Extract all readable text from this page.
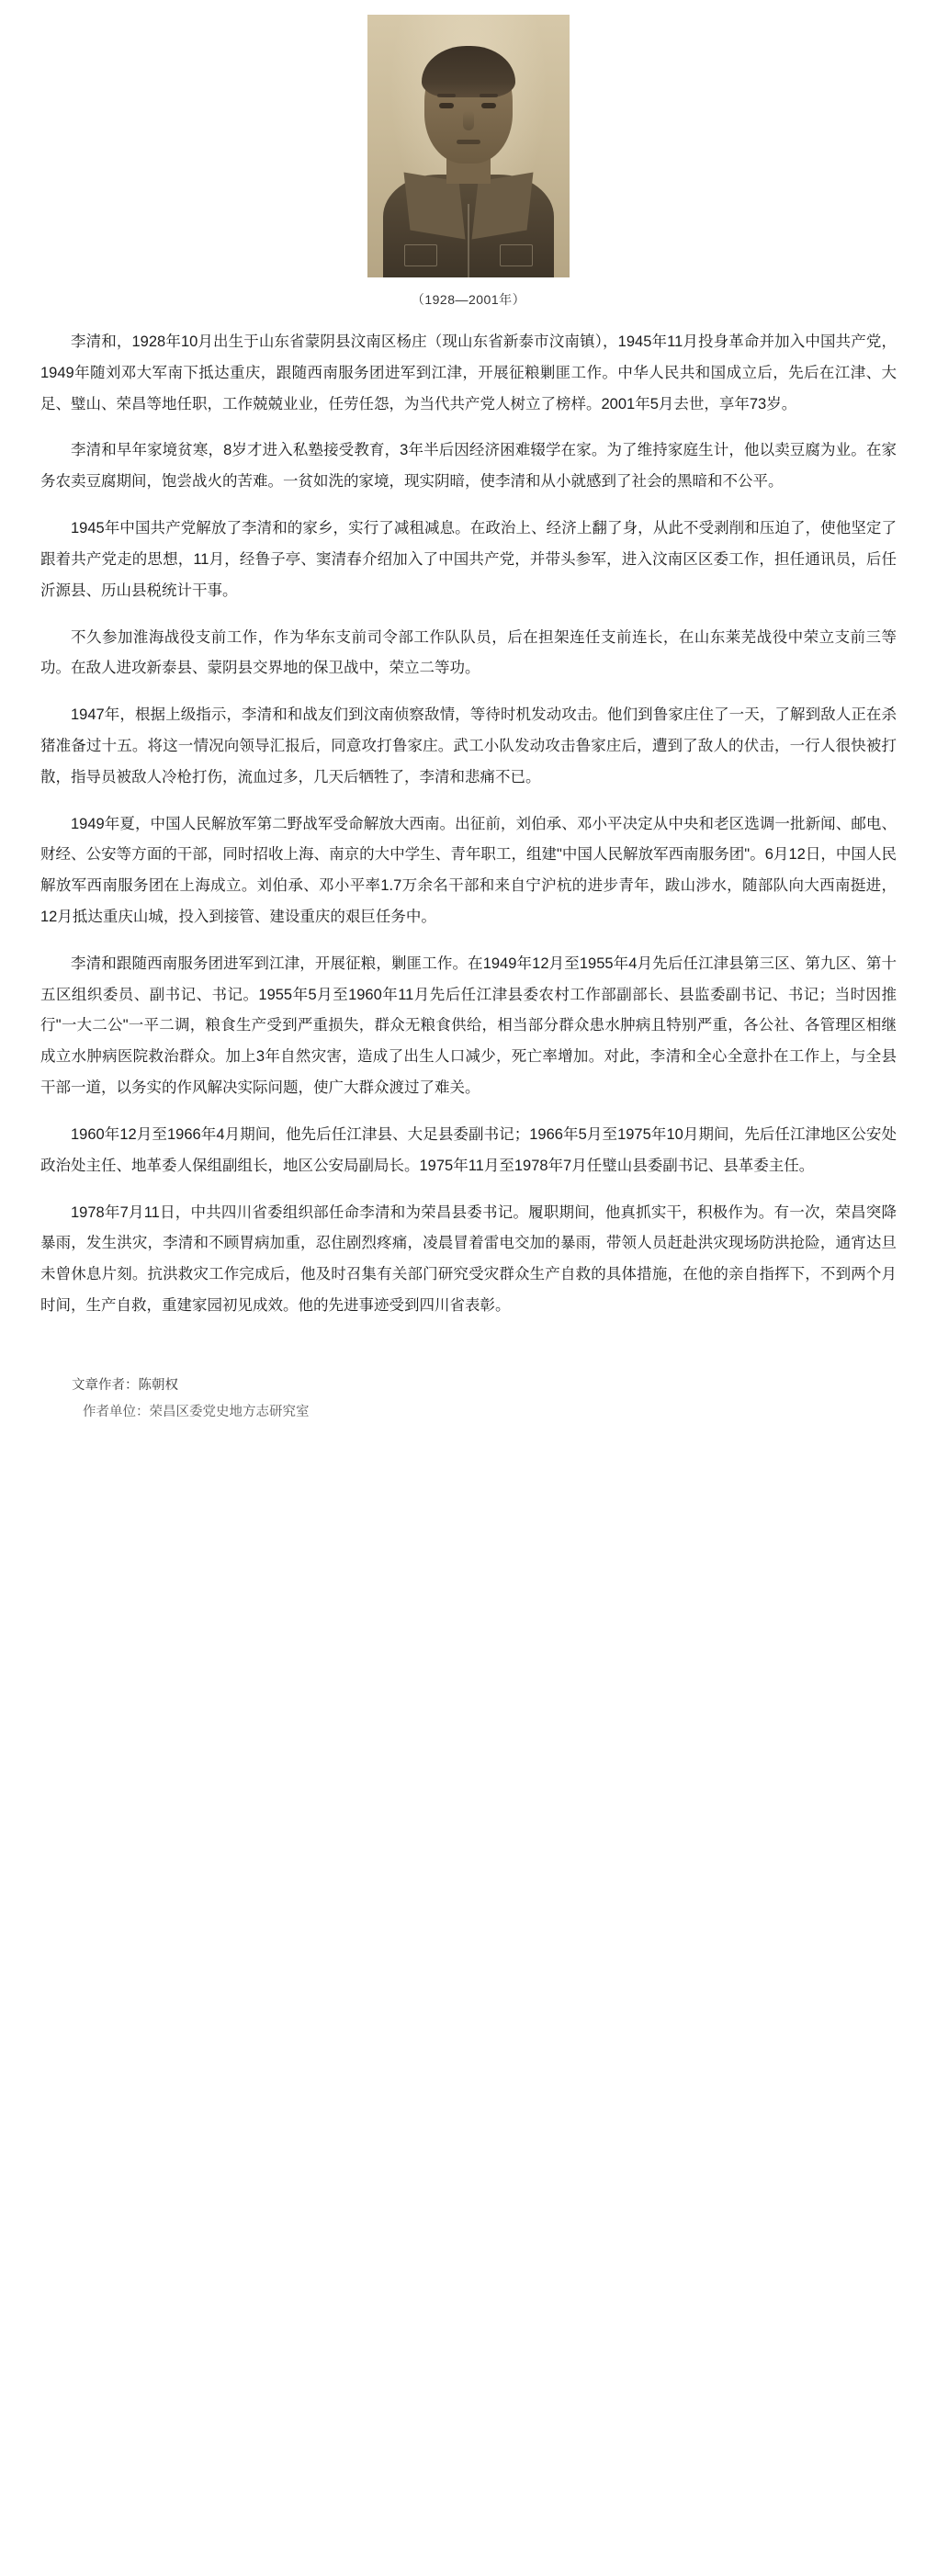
（1928—2001年）

李清和，1928年10月出生于山东省蒙阴县汶南区杨庄（现山东省新泰市汶南镇），1945年11月投身革命并加入中国共产党，1949年随刘邓大军南下抵达重庆，跟随西南服务团进军到江津，开展征粮剿匪工作。中华人民共和国成立后，先后在江津、大足、璧山、荣昌等地任职，工作兢兢业业，任劳任怨，为当代共产党人树立了榜样。2001年5月去世，享年73岁。

李清和早年家境贫寒，8岁才进入私塾接受教育，3年半后因经济困难辍学在家。为了维持家庭生计，他以卖豆腐为业。在家务农卖豆腐期间，饱尝战火的苦难。一贫如洗的家境，现实阴暗，使李清和从小就感到了社会的黑暗和不公平。

1945年中国共产党解放了李清和的家乡，实行了减租减息。在政治上、经济上翻了身，从此不受剥削和压迫了，使他坚定了跟着共产党走的思想，11月，经鲁子亭、窦清春介绍加入了中国共产党，并带头参军，进入汶南区区委工作，担任通讯员，后任沂源县、历山县税统计干事。

不久参加淮海战役支前工作，作为华东支前司令部工作队队员，后在担架连任支前连长，在山东莱芜战役中荣立支前三等功。在敌人进攻新泰县、蒙阴县交界地的保卫战中，荣立二等功。

1947年，根据上级指示，李清和和战友们到汶南侦察敌情，等待时机发动攻击。他们到鲁家庄住了一天，了解到敌人正在杀猪准备过十五。将这一情况向领导汇报后，同意攻打鲁家庄。武工小队发动攻击鲁家庄后，遭到了敌人的伏击，一行人很快被打散，指导员被敌人冷枪打伤，流血过多，几天后牺牲了，李清和悲痛不已。

1949年夏，中国人民解放军第二野战军受命解放大西南。出征前，刘伯承、邓小平决定从中央和老区选调一批新闻、邮电、财经、公安等方面的干部，同时招收上海、南京的大中学生、青年职工，组建"中国人民解放军西南服务团"。6月12日，中国人民解放军西南服务团在上海成立。刘伯承、邓小平率1.7万余名干部和来自宁沪杭的进步青年，跋山涉水，随部队向大西南挺进，12月抵达重庆山城，投入到接管、建设重庆的艰巨任务中。

李清和跟随西南服务团进军到江津，开展征粮，剿匪工作。在1949年12月至1955年4月先后任江津县第三区、第九区、第十五区组织委员、副书记、书记。1955年5月至1960年11月先后任江津县委农村工作部副部长、县监委副书记、书记；当时因推行"一大二公"一平二调，粮食生产受到严重损失，群众无粮食供给，相当部分群众患水肿病且特别严重，各公社、各管理区相继成立水肿病医院救治群众。加上3年自然灾害，造成了出生人口减少，死亡率增加。对此，李清和全心全意扑在工作上，与全县干部一道，以务实的作风解决实际问题，使广大群众渡过了难关。

1960年12月至1966年4月期间，他先后任江津县、大足县委副书记；1966年5月至1975年10月期间，先后任江津地区公安处政治处主任、地革委人保组副组长，地区公安局副局长。1975年11月至1978年7月任璧山县委副书记、县革委主任。

1978年7月11日，中共四川省委组织部任命李清和为荣昌县委书记。履职期间，他真抓实干，积极作为。有一次，荣昌突降暴雨，发生洪灾，李清和不顾胃病加重，忍住剧烈疼痛，凌晨冒着雷电交加的暴雨，带领人员赶赴洪灾现场防洪抢险，通宵达旦未曾休息片刻。抗洪救灾工作完成后，他及时召集有关部门研究受灾群众生产自救的具体措施，在他的亲自指挥下，不到两个月时间，生产自救，重建家园初见成效。他的先进事迹受到四川省表彰。

文章作者：陈朝权
作者单位：荣昌区委党史地方志研究室
